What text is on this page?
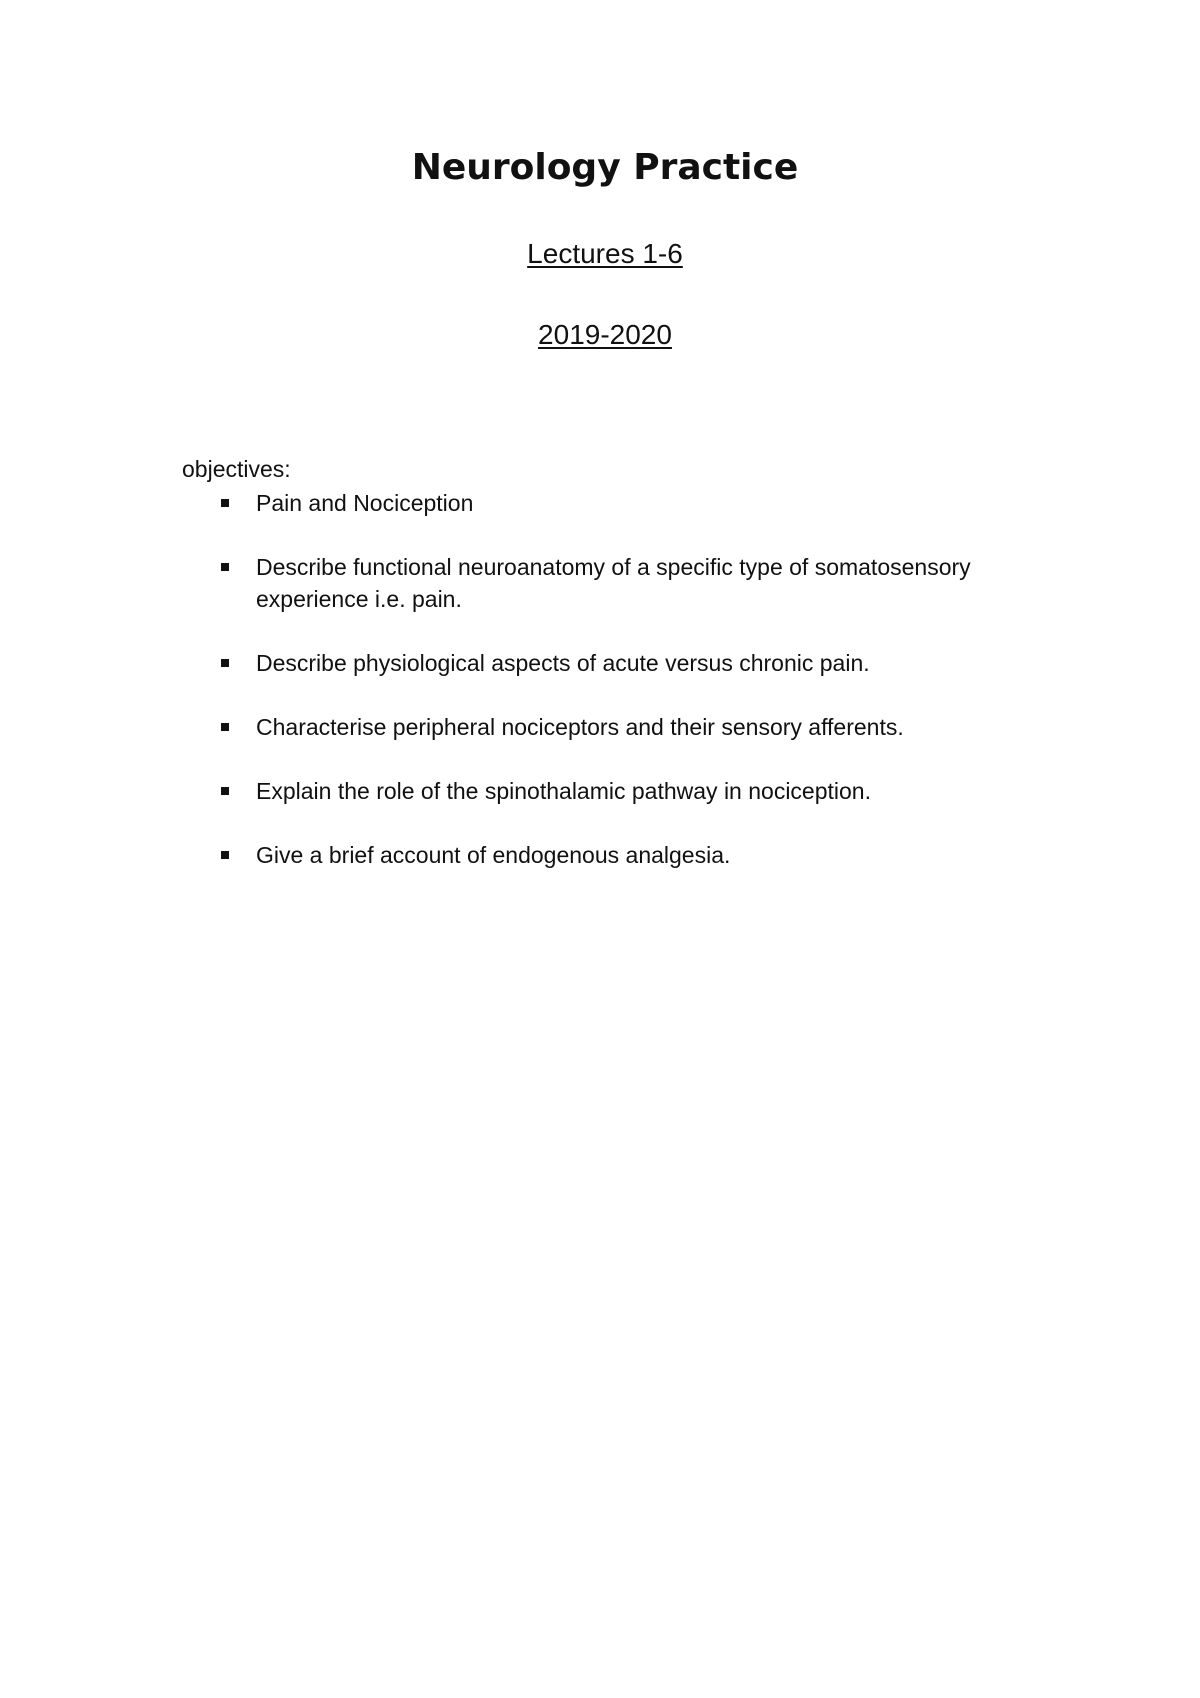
Neurology Practice
Lectures 1-6
2019-2020
objectives:
Pain and Nociception
Describe functional neuroanatomy of a specific type of somatosensory experience i.e. pain.
Describe physiological aspects of acute versus chronic pain.
Characterise peripheral nociceptors and their sensory afferents.
Explain the role of the spinothalamic pathway in nociception.
Give a brief account of endogenous analgesia.
